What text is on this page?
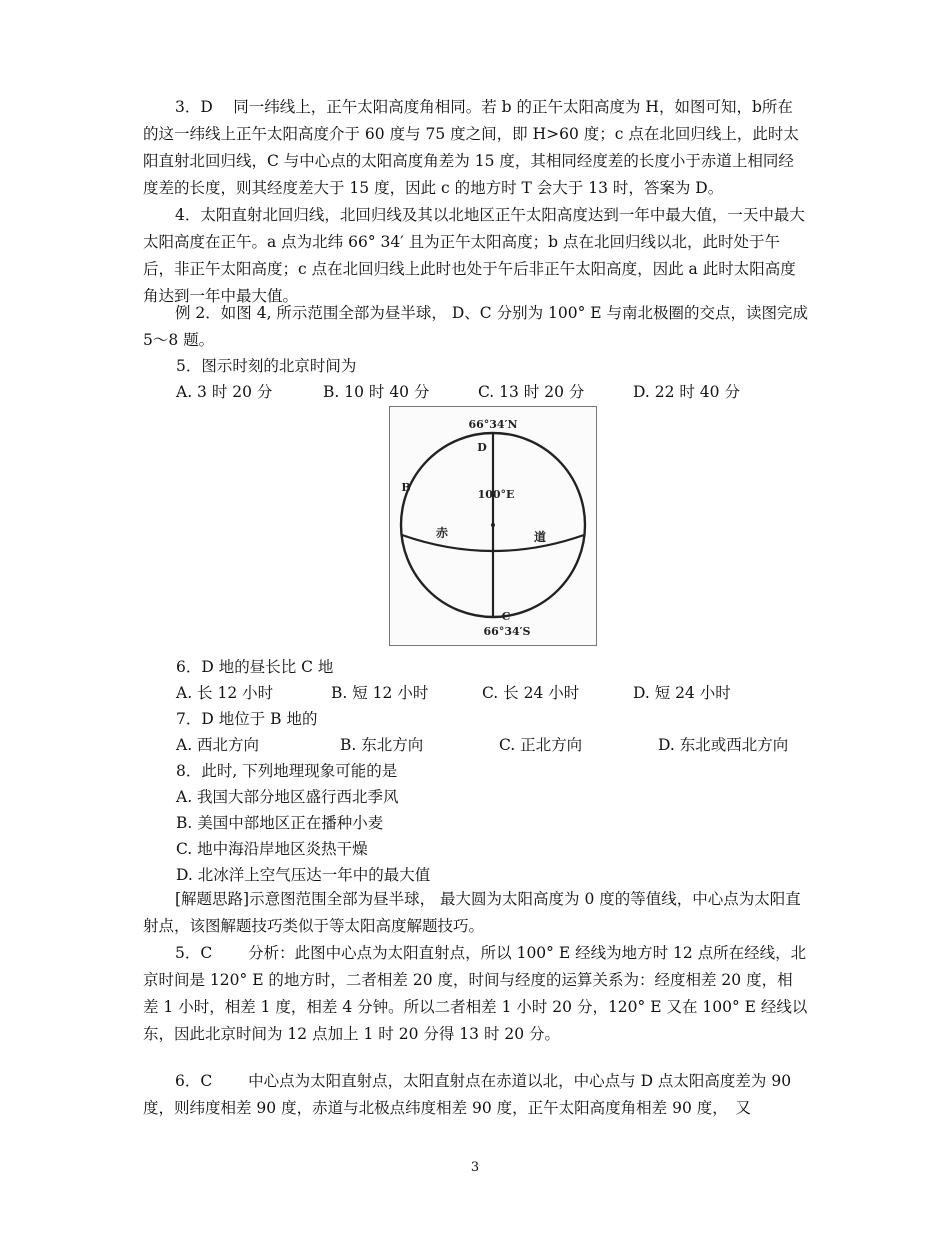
3．D　 同一纬线上，正午太阳高度角相同。若 b 的正午太阳高度为 H，如图可知，b所在的这一纬线上正午太阳高度介于 60 度与 75 度之间，即 H>60 度；c 点在北回归线上，此时太阳直射北回归线，C 与中心点的太阳高度角差为 15 度，其相同经度差的长度小于赤道上相同经度差的长度，则其经度差大于 15 度，因此 c 的地方时 T 会大于 13 时，答案为 D。

4．太阳直射北回归线，北回归线及其以北地区正午太阳高度达到一年中最大值，一天中最大太阳高度在正午。a 点为北纬 66° 34′ 且为正午太阳高度；b 点在北回归线以北，此时处于午后，非正午太阳高度；c 点在北回归线上此时也处于午后非正午太阳高度，因此 a 此时太阳高度角达到一年中最大值。

例 2．如图 4, 所示范围全部为昼半球， D、C 分别为 100° E 与南北极圈的交点，读图完成 5～8 题。

5．图示时刻的北京时间为
A. 3 时 20 分	B. 10 时 40 分	C. 13 时 20 分	D. 22 时 40 分
66°34′N
D
B
100°E
赤	道
C
66°34′S
6．D 地的昼长比 C 地
A. 长 12 小时	B. 短 12 小时	C. 长 24 小时	D. 短 24 小时
7．D 地位于 B 地的
A. 西北方向	B. 东北方向	C. 正北方向	D. 东北或西北方向
8．此时, 下列地理现象可能的是
A. 我国大部分地区盛行西北季风
B. 美国中部地区正在播种小麦
C. 地中海沿岸地区炎热干燥
D. 北冰洋上空气压达一年中的最大值

[解题思路]示意图范围全部为昼半球， 最大圆为太阳高度为 0 度的等值线，中心点为太阳直射点，该图解题技巧类似于等太阳高度解题技巧。

5．C　　 分析：此图中心点为太阳直射点，所以 100° E 经线为地方时 12 点所在经线，北京时间是 120° E 的地方时，二者相差 20 度，时间与经度的运算关系为：经度相差 20 度，相差 1 小时，相差 1 度，相差 4 分钟。所以二者相差 1 小时 20 分，120° E 又在 100° E 经线以东，因此北京时间为 12 点加上 1 时 20 分得 13 时 20 分。

6．C　　 中心点为太阳直射点，太阳直射点在赤道以北，中心点与 D 点太阳高度差为 90 度，则纬度相差 90 度，赤道与北极点纬度相差 90 度，正午太阳高度角相差 90 度，　又

3
